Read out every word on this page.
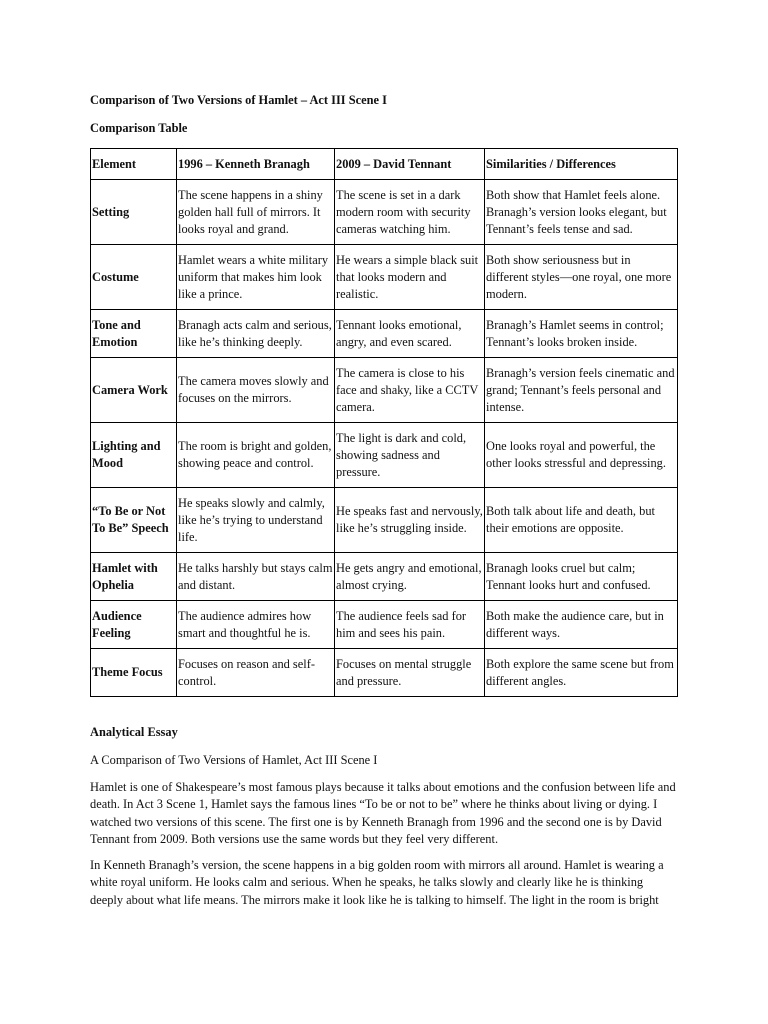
Comparison of Two Versions of Hamlet – Act III Scene I
Comparison Table
Element	1996 – Kenneth Branagh	2009 – David Tennant	Similarities / Differences
Setting	The scene happens in a shiny golden hall full of mirrors. It looks royal and grand.	The scene is set in a dark modern room with security cameras watching him.	Both show that Hamlet feels alone. Branagh’s version looks elegant, but Tennant’s feels tense and sad.
Costume	Hamlet wears a white military uniform that makes him look like a prince.	He wears a simple black suit that looks modern and realistic.	Both show seriousness but in different styles—one royal, one more modern.
Tone and Emotion	Branagh acts calm and serious, like he’s thinking deeply.	Tennant looks emotional, angry, and even scared.	Branagh’s Hamlet seems in control; Tennant’s looks broken inside.
Camera Work	The camera moves slowly and focuses on the mirrors.	The camera is close to his face and shaky, like a CCTV camera.	Branagh’s version feels cinematic and grand; Tennant’s feels personal and intense.
Lighting and Mood	The room is bright and golden, showing peace and control.	The light is dark and cold, showing sadness and pressure.	One looks royal and powerful, the other looks stressful and depressing.
“To Be or Not To Be” Speech	He speaks slowly and calmly, like he’s trying to understand life.	He speaks fast and nervously, like he’s struggling inside.	Both talk about life and death, but their emotions are opposite.
Hamlet with Ophelia	He talks harshly but stays calm and distant.	He gets angry and emotional, almost crying.	Branagh looks cruel but calm; Tennant looks hurt and confused.
Audience Feeling	The audience admires how smart and thoughtful he is.	The audience feels sad for him and sees his pain.	Both make the audience care, but in different ways.
Theme Focus	Focuses on reason and self-control.	Focuses on mental struggle and pressure.	Both explore the same scene but from different angles.
Analytical Essay
A Comparison of Two Versions of Hamlet, Act III Scene I
Hamlet is one of Shakespeare’s most famous plays because it talks about emotions and the confusion between life and death. In Act 3 Scene 1, Hamlet says the famous lines “To be or not to be” where he thinks about living or dying. I watched two versions of this scene. The first one is by Kenneth Branagh from 1996 and the second one is by David Tennant from 2009. Both versions use the same words but they feel very different.
In Kenneth Branagh’s version, the scene happens in a big golden room with mirrors all around. Hamlet is wearing a white royal uniform. He looks calm and serious. When he speaks, he talks slowly and clearly like he is thinking deeply about what life means. The mirrors make it look like he is talking to himself. The light in the room is bright
